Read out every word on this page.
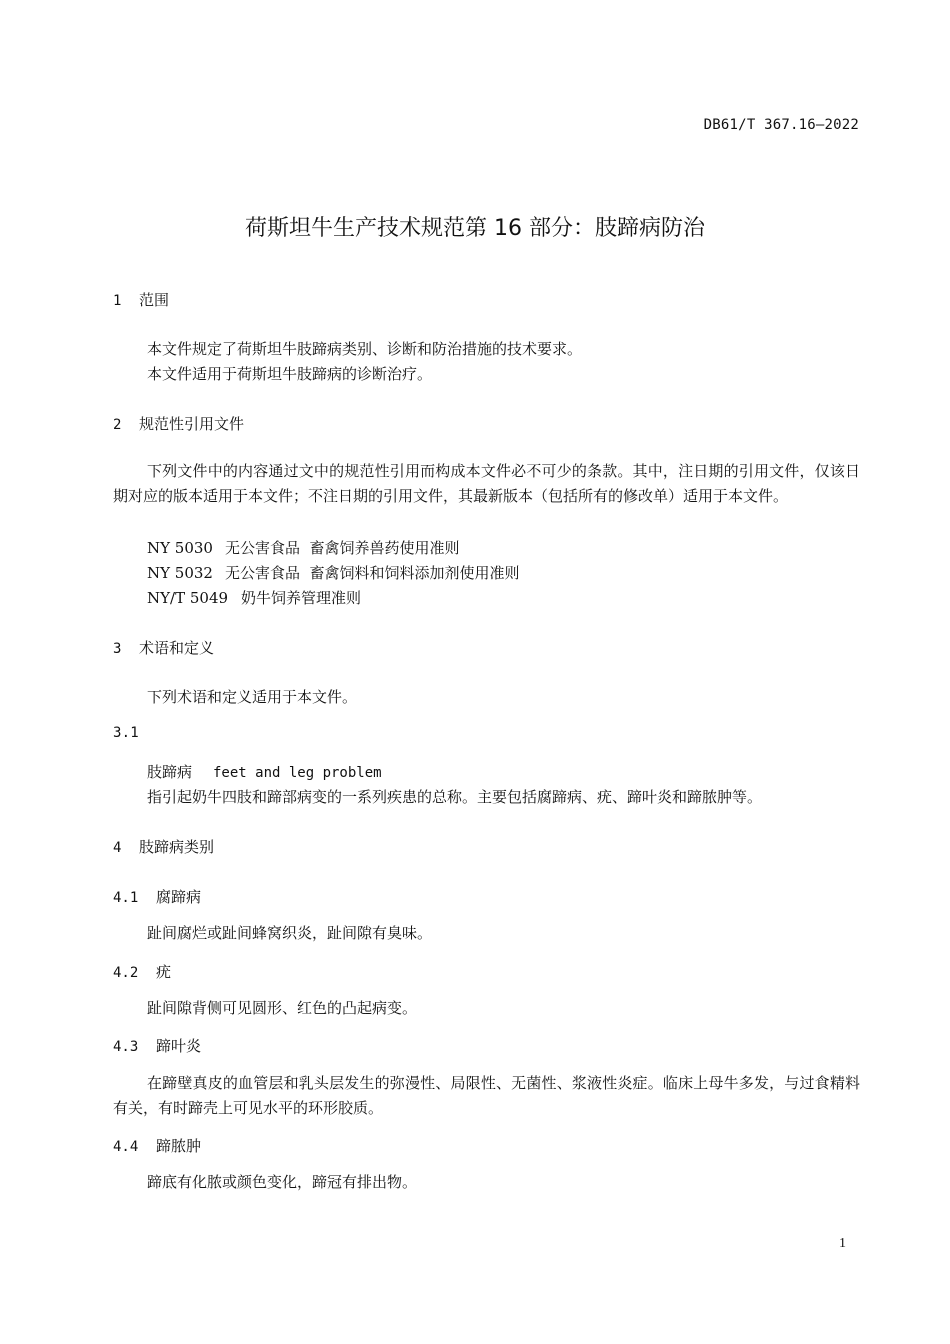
DB61/T 367.16—2022
荷斯坦牛生产技术规范第 16 部分：肢蹄病防治
1 范围
本文件规定了荷斯坦牛肢蹄病类别、诊断和防治措施的技术要求。
本文件适用于荷斯坦牛肢蹄病的诊断治疗。
2 规范性引用文件
下列文件中的内容通过文中的规范性引用而构成本文件必不可少的条款。其中，注日期的引用文件，仅该日期对应的版本适用于本文件；不注日期的引用文件，其最新版本（包括所有的修改单）适用于本文件。
NY 5030 无公害食品  畜禽饲养兽药使用准则
NY 5032 无公害食品  畜禽饲料和饲料添加剂使用准则
NY/T 5049 奶牛饲养管理准则
3 术语和定义
下列术语和定义适用于本文件。
3.1
肢蹄病 feet and leg problem
指引起奶牛四肢和蹄部病变的一系列疾患的总称。主要包括腐蹄病、疣、蹄叶炎和蹄脓肿等。
4 肢蹄病类别
4.1 腐蹄病
趾间腐烂或趾间蜂窝织炎，趾间隙有臭味。
4.2 疣
趾间隙背侧可见圆形、红色的凸起病变。
4.3 蹄叶炎
在蹄壁真皮的血管层和乳头层发生的弥漫性、局限性、无菌性、浆液性炎症。临床上母牛多发，与过食精料有关，有时蹄壳上可见水平的环形胶质。
4.4 蹄脓肿
蹄底有化脓或颜色变化，蹄冠有排出物。
1
